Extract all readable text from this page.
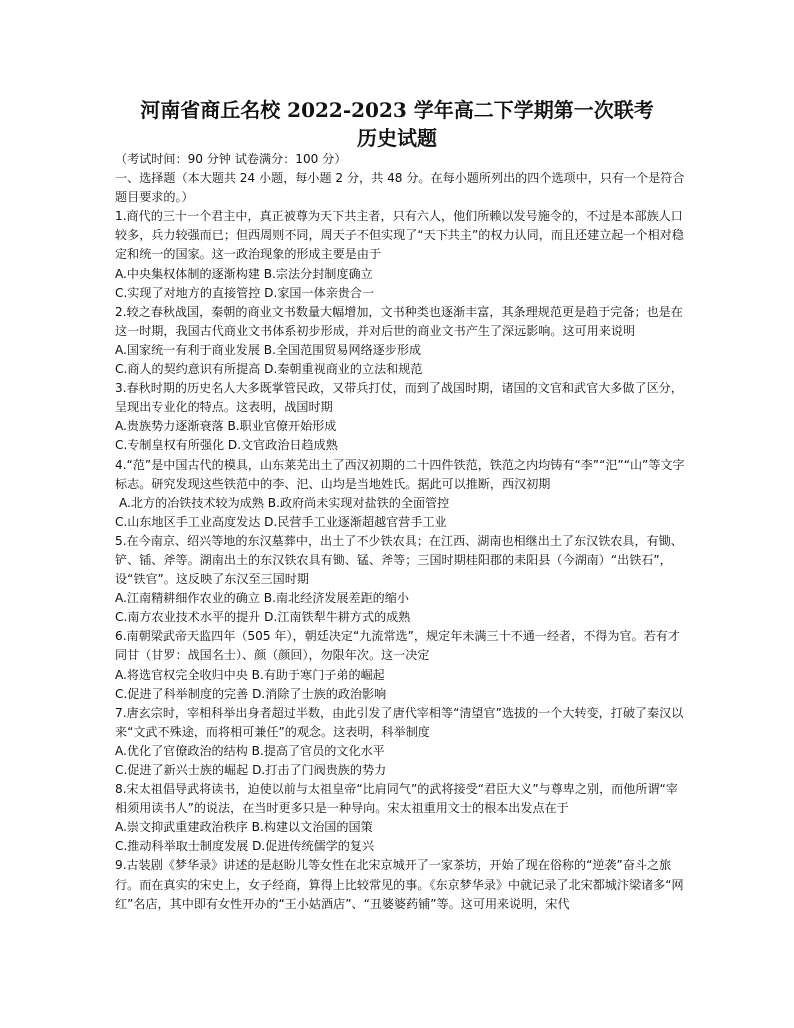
河南省商丘名校 2022-2023 学年高二下学期第一次联考
历史试题

（考试时间：90 分钟 试卷满分：100 分）

一、选择题（本大题共 24 小题，每小题 2 分，共 48 分。在每小题所列出的四个选项中，只有一个是符合题目要求的。）

1.商代的三十一个君主中，真正被尊为天下共主者，只有六人，他们所赖以发号施令的，不过是本部族人口较多，兵力较强而已；但西周则不同，周天子不但实现了“天下共主”的权力认同，而且还建立起一个相对稳定和统一的国家。这一政治现象的形成主要是由于

A.中央集权体制的逐渐构建 B.宗法分封制度确立

C.实现了对地方的直接管控 D.家国一体亲贵合一

2.较之春秋战国，秦朝的商业文书数量大幅增加，文书种类也逐渐丰富，其条理规范更是趋于完备；也是在这一时期，我国古代商业文书体系初步形成，并对后世的商业文书产生了深远影响。这可用来说明

A.国家统一有利于商业发展 B.全国范围贸易网络逐步形成

C.商人的契约意识有所提高 D.秦朝重视商业的立法和规范

3.春秋时期的历史名人大多既掌管民政，又带兵打仗，而到了战国时期，诸国的文官和武官大多做了区分，呈现出专业化的特点。这表明，战国时期

A.贵族势力逐渐衰落 B.职业官僚开始形成

C.专制皇权有所强化 D.文官政治日趋成熟

4.“范”是中国古代的模具，山东莱芜出土了西汉初期的二十四件铁范，铁范之内均铸有“李”“汜”“山”等文字标志。研究发现这些铁范中的李、汜、山均是当地姓氏。据此可以推断，西汉初期

A.北方的冶铁技术较为成熟 B.政府尚未实现对盐铁的全面管控

C.山东地区手工业高度发达 D.民营手工业逐渐超越官营手工业

5.在今南京、绍兴等地的东汉墓葬中，出土了不少铁农具；在江西、湖南也相继出土了东汉铁农具，有锄、铲、锸、斧等。湖南出土的东汉铁农具有锄、锰、斧等；三国时期桂阳郡的耒阳县（今湖南）“出铁石”，设“铁官”。这反映了东汉至三国时期

A.江南精耕细作农业的确立 B.南北经济发展差距的缩小

C.南方农业技术水平的提升 D.江南铁犁牛耕方式的成熟

6.南朝梁武帝天监四年（505 年），朝廷决定“九流常选”，规定年未满三十不通一经者，不得为官。若有才同甘（甘罗：战国名士）、颜（颜回），勿限年次。这一决定

A.将选官权完全收归中央 B.有助于寒门子弟的崛起

C.促进了科举制度的完善 D.消除了士族的政治影响

7.唐玄宗时，宰相科举出身者超过半数，由此引发了唐代宰相等“清望官”选拔的一个大转变，打破了秦汉以来“文武不殊途，而将相可兼任”的观念。这表明，科举制度

A.优化了官僚政治的结构 B.提高了官员的文化水平

C.促进了新兴士族的崛起 D.打击了门阀贵族的势力

8.宋太祖倡导武将读书，迫使以前与太祖皇帝“比肩同气”的武将接受“君臣大义”与尊卑之别，而他所谓“宰相须用读书人”的说法，在当时更多只是一种导向。宋太祖重用文士的根本出发点在于

A.崇文抑武重建政治秩序 B.构建以文治国的国策

C.推动科举取士制度发展 D.促进传统儒学的复兴

9.古装剧《梦华录》讲述的是赵盼儿等女性在北宋京城开了一家茶坊，开始了现在俗称的“逆袭”奋斗之旅行。而在真实的宋史上，女子经商，算得上比较常见的事。《东京梦华录》中就记录了北宋都城汴梁诸多“网红”名店，其中即有女性开办的“王小姑酒店”、“丑婆婆药铺”等。这可用来说明，宋代
